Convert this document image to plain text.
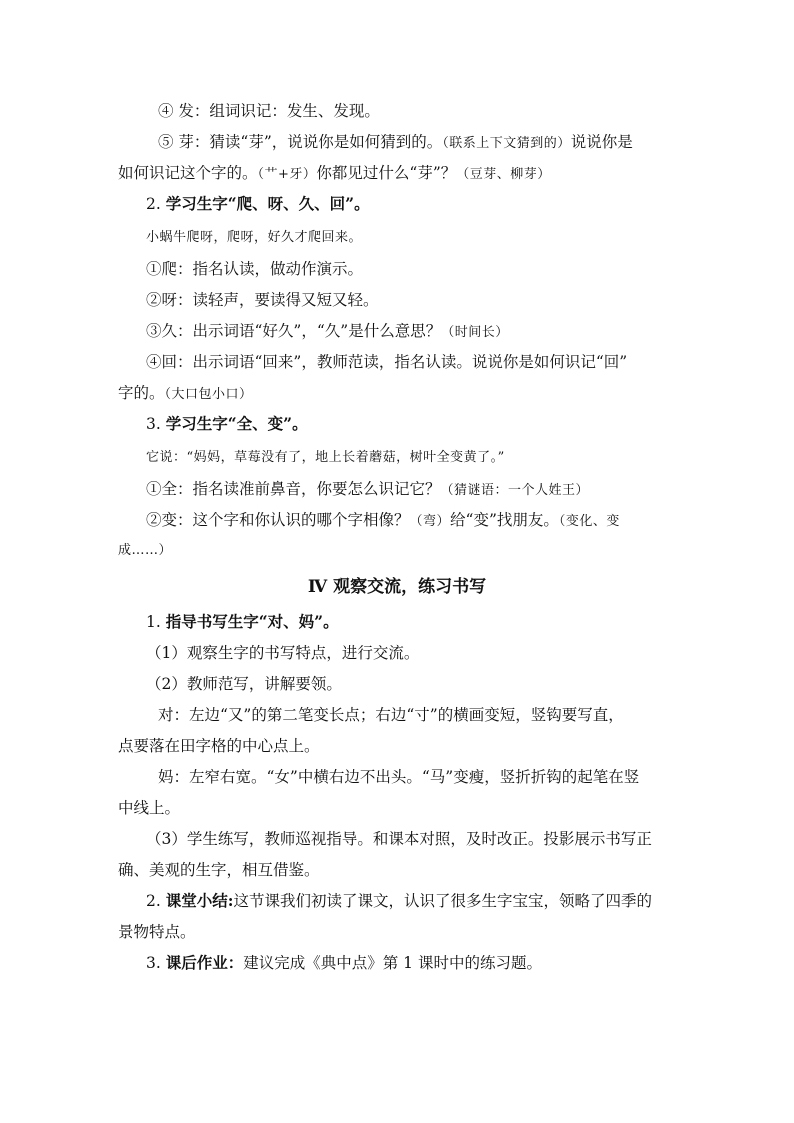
④ 发：组词识记：发生、发现。
⑤ 芽：猜读“芽”，说说你是如何猜到的。（联系上下文猜到的）说说你是
如何识记这个字的。（艹+牙）你都见过什么“芽”？（豆芽、柳芽）
2. 学习生字“爬、呀、久、回”。
小蜗牛爬呀，爬呀，好久才爬回来。
①爬：指名认读，做动作演示。
②呀：读轻声，要读得又短又轻。
③久：出示词语“好久”，“久”是什么意思？（时间长）
④回：出示词语“回来”，教师范读，指名认读。说说你是如何识记“回”
字的。（大口包小口）
3. 学习生字“全、变”。
它说：“妈妈，草莓没有了，地上长着蘑菇，树叶全变黄了。”
①全：指名读准前鼻音，你要怎么识记它？（猜谜语：一个人姓王）
②变：这个字和你认识的哪个字相像？（弯）给“变”找朋友。（变化、变
成……）
Ⅳ 观察交流，练习书写
1. 指导书写生字“对、妈”。
（1）观察生字的书写特点，进行交流。
（2）教师范写，讲解要领。
对：左边“又”的第二笔变长点；右边“寸”的横画变短，竖钩要写直，
点要落在田字格的中心点上。
妈：左窄右宽。“女”中横右边不出头。“马”变瘦，竖折折钩的起笔在竖
中线上。
（3）学生练写，教师巡视指导。和课本对照，及时改正。投影展示书写正
确、美观的生字，相互借鉴。
2. 课堂小结:这节课我们初读了课文，认识了很多生字宝宝，领略了四季的
景物特点。
3. 课后作业：建议完成《典中点》第 1 课时中的练习题。
